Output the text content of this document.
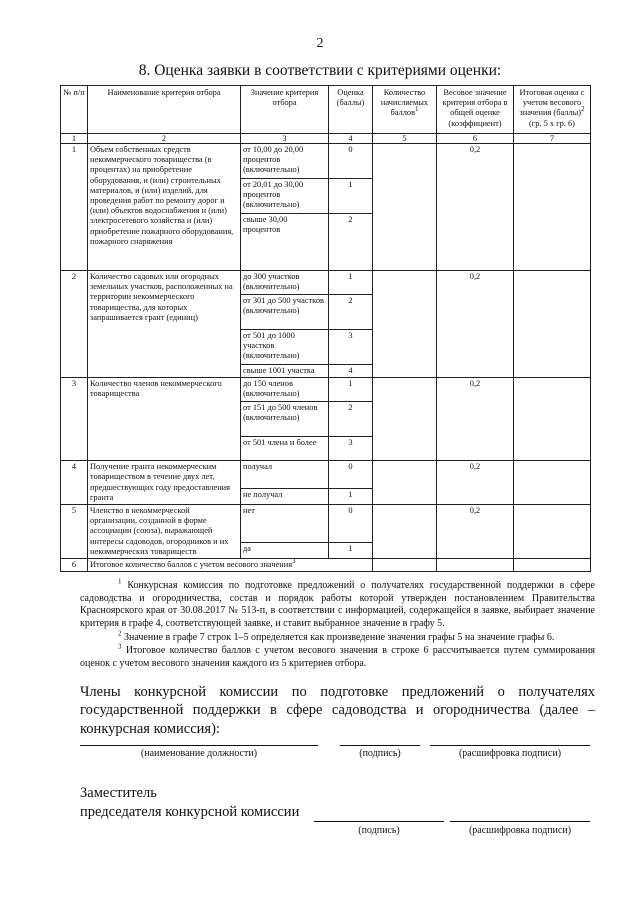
2
8. Оценка заявки в соответствии с критериями оценки:
№ п/п	Наименование критерия отбора	Значение критерия отбора	Оценка (баллы)	Количество начисляемых баллов$^1$	Весовое значение критерия отбора в общей оценке (коэффициент)	Итоговая оценка с учетом весового значения (баллы)$^2$ (гр. 5 х гр. 6)
1	2	3	4	5	6	7
1	Объем собственных средств некоммерческого товарищества (в процентах) на приобретение оборудования, и (или) строительных материалов, и (или) изделий, для проведения работ по ремонту дорог и (или) объектов водоснабжения и (или) электросетевого хозяйства и (или) приобретение пожарного оборудования, пожарного снаряжения	от 10,00 до 20,00 процентов (включительно)	0		0,2	
		от 20,01 до 30,00 процентов (включительно)	1			
		свыше 30,00 процентов	2			
2	Количество садовых или огородных земельных участков, расположенных на территории некоммерческого товарищества, для которых запрашивается грант (единиц)	до 300 участков (включительно)	1		0,2	
		от 301 до 500 участков (включительно)	2			
		от 501 до 1000 участков (включительно)	3			
		свыше 1001 участка	4			
3	Количество членов некоммерческого товарищества	до 150 членов (включительно)	1		0,2	
		от 151 до 500 членов (включительно)	2			
		от 501 члена и более	3			
4	Получение гранта некоммерческим товариществом в течение двух лет, предшествующих году предоставления гранта	получал	0		0,2	
		не получал	1			
5	Членство в некоммерческой организации, созданной в форме ассоциации (союза), выражающей интересы садоводов, огородников и их некоммерческих товариществ	нет	0		0,2	
		да	1			
6	Итоговое количество баллов с учетом весового значения$^3$			
$^1$ Конкурсная комиссия по подготовке предложений о получателях государственной поддержки в сфере садоводства и огородничества, состав и порядок работы которой утвержден постановлением Правительства Красноярского края от 30.08.2017 № 513-п, в соответствии с информацией, содержащейся в заявке, выбирает значение критерия в графе 4, соответствующей заявке, и ставит выбранное значение в графу 5.
$^2$ Значение в графе 7 строк 1–5 определяется как произведение значения графы 5 на значение графы 6.
$^3$ Итоговое количество баллов с учетом весового значения в строке 6 рассчитывается путем суммирования оценок с учетом весового значения каждого из 5 критериев отбора.
Члены конкурсной комиссии по подготовке предложений о получателях государственной поддержки в сфере садоводства и огородничества (далее – конкурсная комиссия):
(наименование должности)	(подпись)	(расшифровка подписи)
Заместитель
председателя конкурсной комиссии
(подпись)	(расшифровка подписи)
